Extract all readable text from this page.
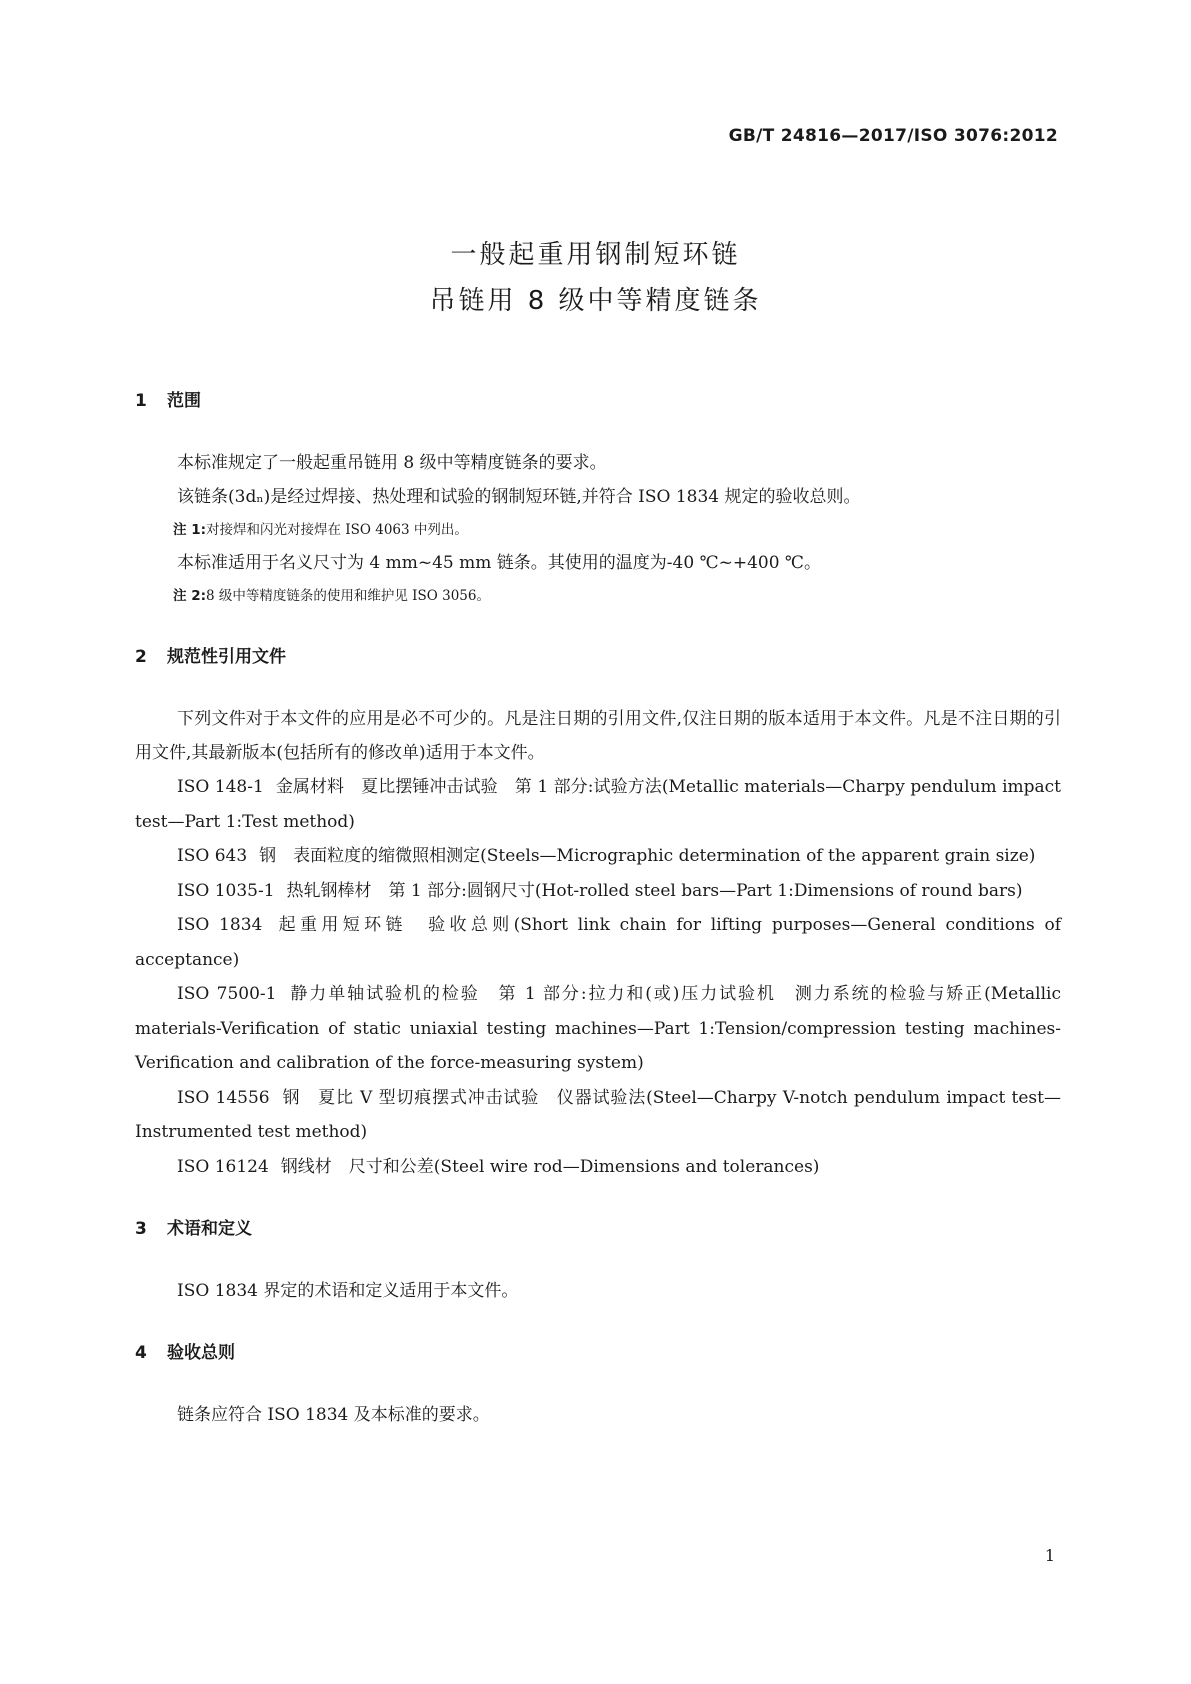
GB/T 24816—2017/ISO 3076:2012
一般起重用钢制短环链
吊链用 8 级中等精度链条
1 范围

本标准规定了一般起重吊链用 8 级中等精度链条的要求。

该链条(3dₙ)是经过焊接、热处理和试验的钢制短环链,并符合 ISO 1834 规定的验收总则。

注 1:对接焊和闪光对接焊在 ISO 4063 中列出。

本标准适用于名义尺寸为 4 mm~45 mm 链条。其使用的温度为-40 ℃~+400 ℃。

注 2:8 级中等精度链条的使用和维护见 ISO 3056。

2 规范性引用文件

下列文件对于本文件的应用是必不可少的。凡是注日期的引用文件,仅注日期的版本适用于本文件。凡是不注日期的引用文件,其最新版本(包括所有的修改单)适用于本文件。

ISO 148-1 金属材料　夏比摆锤冲击试验　第 1 部分:试验方法(Metallic materials—Charpy pendulum impact test—Part 1:Test method)

ISO 643 钢　表面粒度的缩微照相测定(Steels—Micrographic determination of the apparent grain size)

ISO 1035-1 热轧钢棒材　第 1 部分:圆钢尺寸(Hot-rolled steel bars—Part 1:Dimensions of round bars)

ISO 1834 起重用短环链　验收总则(Short link chain for lifting purposes—General conditions of acceptance)

ISO 7500-1 静力单轴试验机的检验　第 1 部分:拉力和(或)压力试验机　测力系统的检验与矫正(Metallic materials-Verification of static uniaxial testing machines—Part 1:Tension/compression testing machines-Verification and calibration of the force-measuring system)

ISO 14556 钢　夏比 V 型切痕摆式冲击试验　仪器试验法(Steel—Charpy V-notch pendulum impact test—Instrumented test method)

ISO 16124 钢线材　尺寸和公差(Steel wire rod—Dimensions and tolerances)

3 术语和定义

ISO 1834 界定的术语和定义适用于本文件。

4 验收总则

链条应符合 ISO 1834 及本标准的要求。

1
